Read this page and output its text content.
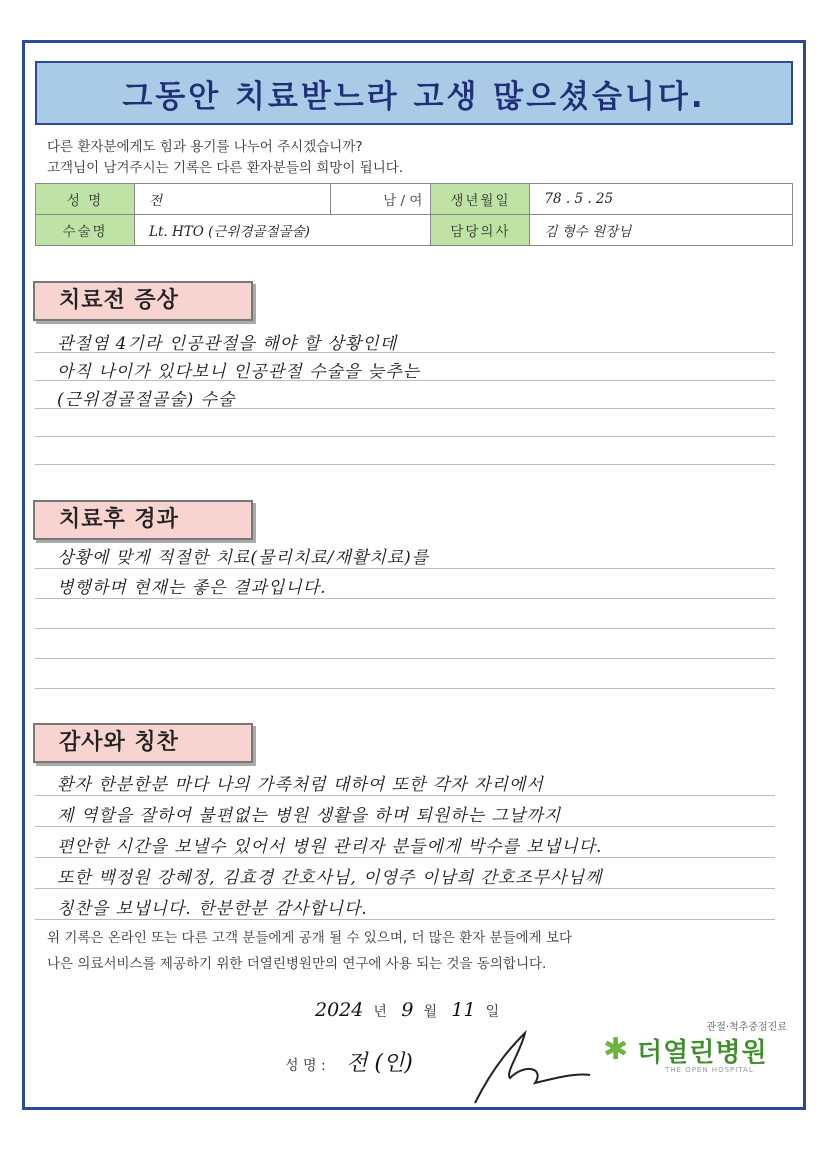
그동안 치료받느라 고생 많으셨습니다.
다른 환자분에게도 힘과 용기를 나누어 주시겠습니까?
고객님이 남겨주시는 기록은 다른 환자분들의 희망이 됩니다.
성 명	전	남 / 여	생년월일	78 . 5 . 25
수술명	Lt. HTO (근위경골절골술)		담당의사	김 형수 원장님
치료전 증상
관절염 4기라 인공관절을 해야 할 상황인데
아직 나이가 있다보니 인공관절 수술을 늦추는
(근위경골절골술) 수술
치료후 경과
상황에 맞게 적절한 치료(물리치료/재활치료)를
병행하며 현재는 좋은 결과입니다.
감사와 칭찬
환자 한분한분 마다 나의 가족처럼 대하여 또한 각자 자리에서
제 역할을 잘하여 불편없는 병원 생활을 하며 퇴원하는 그날까지
편안한 시간을 보낼수 있어서 병원 관리자 분들에게 박수를 보냅니다.
또한 백정원 강혜정, 김효경 간호사님, 이영주 이남희 간호조무사님께
칭찬을 보냅니다. 한분한분 감사합니다.
위 기록은 온라인 또는 다른 고객 분들에게 공개 될 수 있으며, 더 많은 환자 분들에게 보다
나은 의료서비스를 제공하기 위한 더열린병원만의 연구에 사용 되는 것을 동의합니다.
2024 년 9 월 11 일
성 명 : 전 (인)
관절·척추중점진료
✱ 더열린병원
THE OPEN HOSPITAL
